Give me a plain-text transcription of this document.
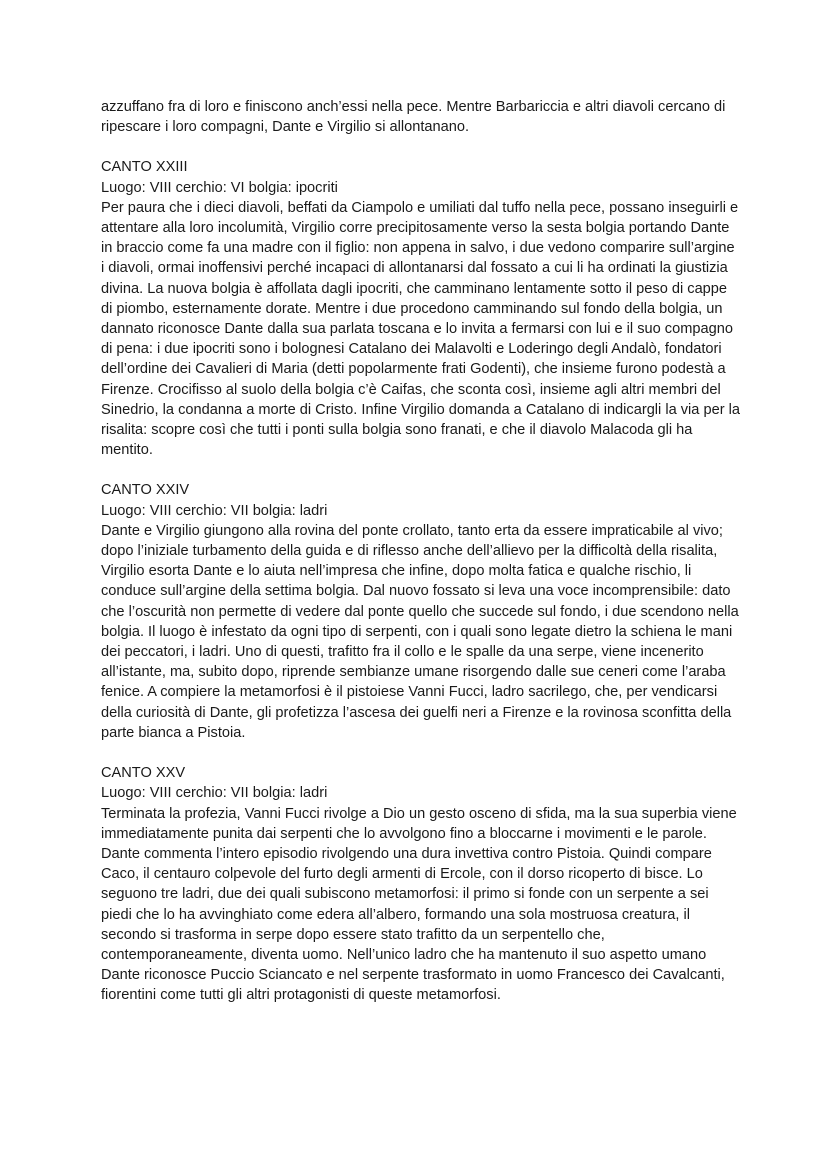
azzuffano fra di loro e finiscono anch’essi nella pece. Mentre Barbariccia e altri diavoli cercano di ripescare i loro compagni, Dante e Virgilio si allontanano.

CANTO XXIII
Luogo: VIII cerchio: VI bolgia: ipocriti

Per paura che i dieci diavoli, beffati da Ciampolo e umiliati dal tuffo nella pece, possano inseguirli e attentare alla loro incolumità, Virgilio corre precipitosamente verso la sesta bolgia portando Dante in braccio come fa una madre con il figlio: non appena in salvo, i due vedono comparire sull’argine i diavoli, ormai inoffensivi perché incapaci di allontanarsi dal fossato a cui li ha ordinati la giustizia divina. La nuova bolgia è affollata dagli ipocriti, che camminano lentamente sotto il peso di cappe di piombo, esternamente dorate. Mentre i due procedono camminando sul fondo della bolgia, un dannato riconosce Dante dalla sua parlata toscana e lo invita a fermarsi con lui e il suo compagno di pena: i due ipocriti sono i bolognesi Catalano dei Malavolti e Loderingo degli Andalò, fondatori dell’ordine dei Cavalieri di Maria (detti popolarmente frati Godenti), che insieme furono podestà a Firenze. Crocifisso al suolo della bolgia c’è Caifas, che sconta così, insieme agli altri membri del Sinedrio, la condanna a morte di Cristo. Infine Virgilio domanda a Catalano di indicargli la via per la risalita: scopre così che tutti i ponti sulla bolgia sono franati, e che il diavolo Malacoda gli ha mentito.

CANTO XXIV
Luogo: VIII cerchio: VII bolgia: ladri

Dante e Virgilio giungono alla rovina del ponte crollato, tanto erta da essere impraticabile al vivo; dopo l’iniziale turbamento della guida e di riflesso anche dell’allievo per la difficoltà della risalita, Virgilio esorta Dante e lo aiuta nell’impresa che infine, dopo molta fatica e qualche rischio, li conduce sull’argine della settima bolgia. Dal nuovo fossato si leva una voce incomprensibile: dato che l’oscurità non permette di vedere dal ponte quello che succede sul fondo, i due scendono nella bolgia. Il luogo è infestato da ogni tipo di serpenti, con i quali sono legate dietro la schiena le mani dei peccatori, i ladri. Uno di questi, trafitto fra il collo e le spalle da una serpe, viene incenerito all’istante, ma, subito dopo, riprende sembianze umane risorgendo dalle sue ceneri come l’araba fenice. A compiere la metamorfosi è il pistoiese Vanni Fucci, ladro sacrilego, che, per vendicarsi della curiosità di Dante, gli profetizza l’ascesa dei guelfi neri a Firenze e la rovinosa sconfitta della parte bianca a Pistoia.

CANTO XXV
Luogo: VIII cerchio: VII bolgia: ladri

Terminata la profezia, Vanni Fucci rivolge a Dio un gesto osceno di sfida, ma la sua superbia viene immediatamente punita dai serpenti che lo avvolgono fino a bloccarne i movimenti e le parole. Dante commenta l’intero episodio rivolgendo una dura invettiva contro Pistoia. Quindi compare Caco, il centauro colpevole del furto degli armenti di Ercole, con il dorso ricoperto di bisce. Lo seguono tre ladri, due dei quali subiscono metamorfosi: il primo si fonde con un serpente a sei piedi che lo ha avvinghiato come edera all’albero, formando una sola mostruosa creatura, il secondo si trasforma in serpe dopo essere stato trafitto da un serpentello che, contemporaneamente, diventa uomo. Nell’unico ladro che ha mantenuto il suo aspetto umano Dante riconosce Puccio Sciancato e nel serpente trasformato in uomo Francesco dei Cavalcanti, fiorentini come tutti gli altri protagonisti di queste metamorfosi.
